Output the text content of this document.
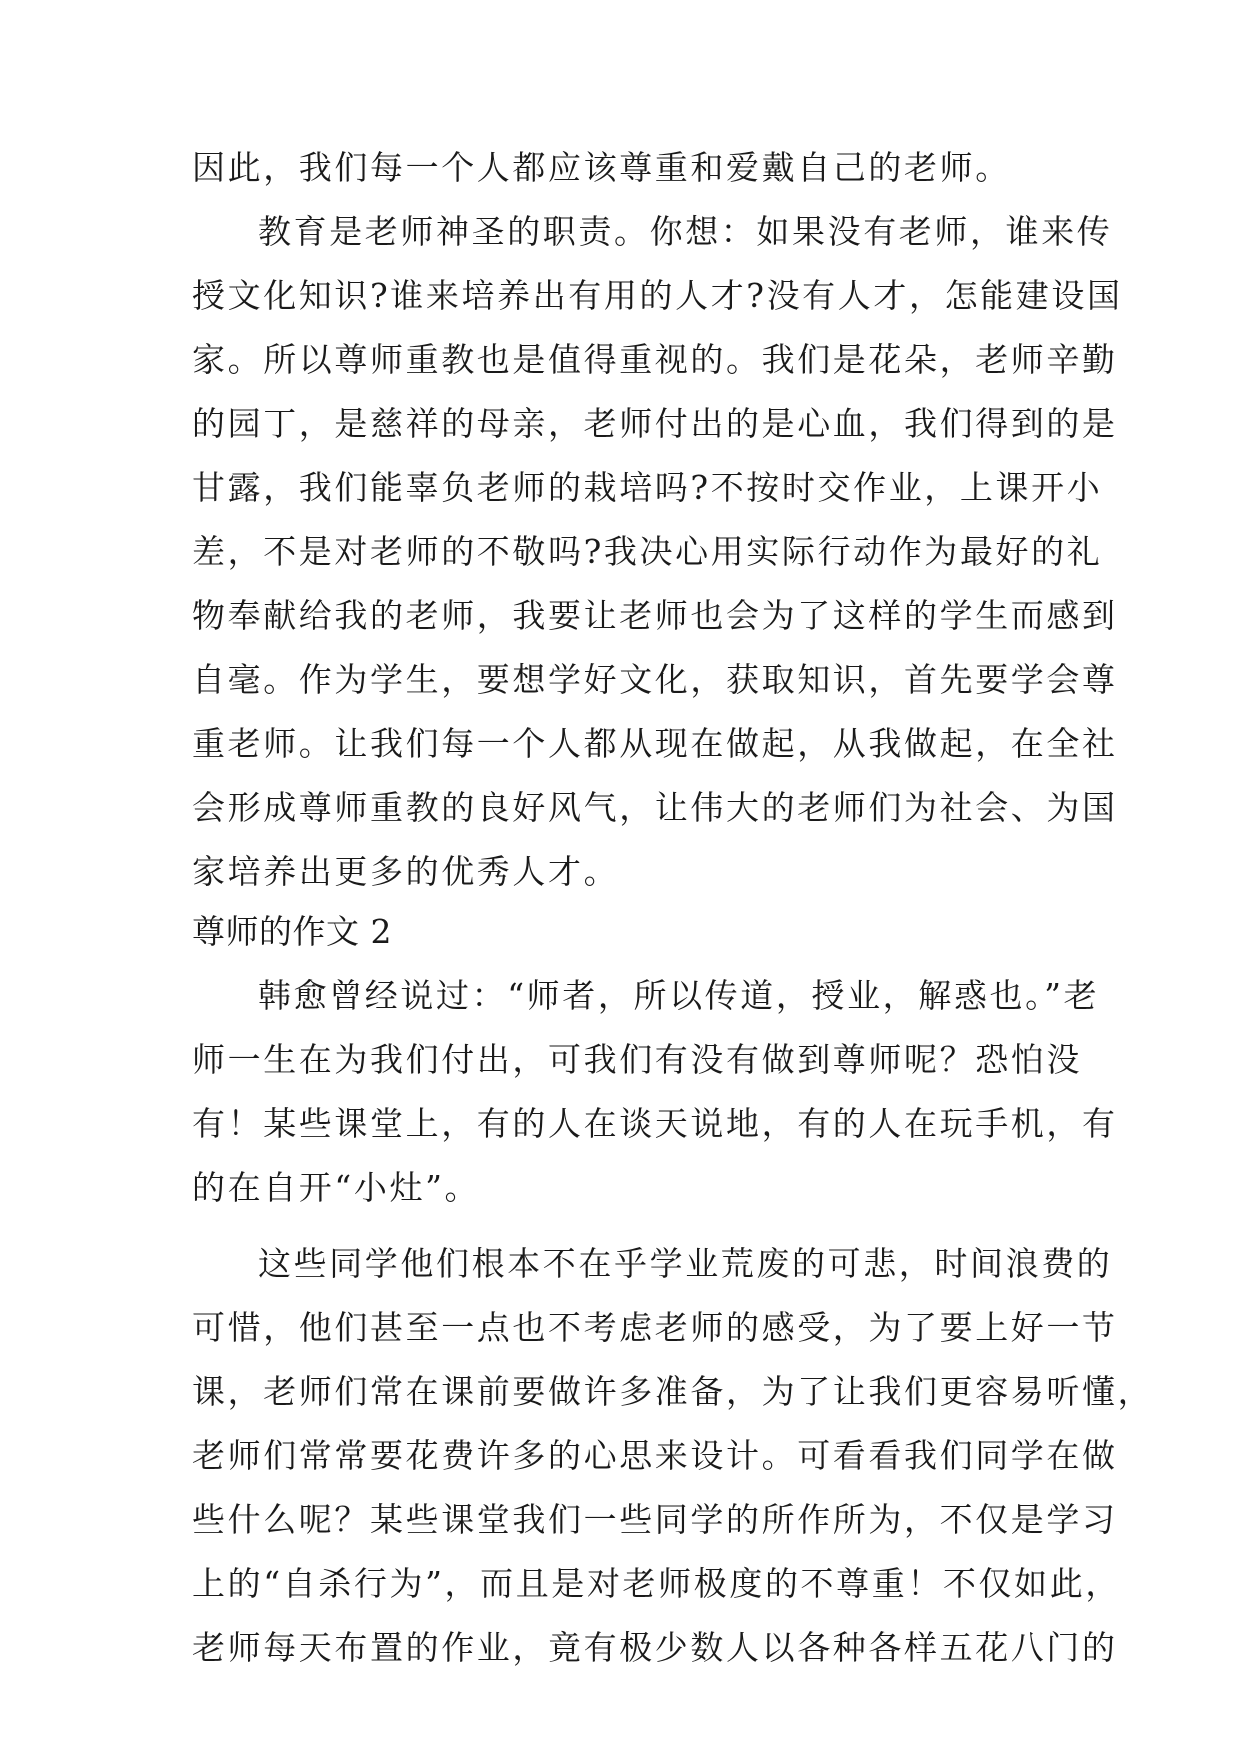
因此，我们每一个人都应该尊重和爱戴自己的老师。
教育是老师神圣的职责。你想：如果没有老师，谁来传
授文化知识?谁来培养出有用的人才?没有人才，怎能建设国
家。所以尊师重教也是值得重视的。我们是花朵，老师辛勤
的园丁，是慈祥的母亲，老师付出的是心血，我们得到的是
甘露，我们能辜负老师的栽培吗?不按时交作业，上课开小
差，不是对老师的不敬吗?我决心用实际行动作为最好的礼
物奉献给我的老师，我要让老师也会为了这样的学生而感到
自毫。作为学生，要想学好文化，获取知识，首先要学会尊
重老师。让我们每一个人都从现在做起，从我做起，在全社
会形成尊师重教的良好风气，让伟大的老师们为社会、为国
家培养出更多的优秀人才。
尊师的作文 2
韩愈曾经说过：“师者，所以传道，授业，解惑也。”老
师一生在为我们付出，可我们有没有做到尊师呢？恐怕没
有！某些课堂上，有的人在谈天说地，有的人在玩手机，有
的在自开“小灶”。
这些同学他们根本不在乎学业荒废的可悲，时间浪费的
可惜，他们甚至一点也不考虑老师的感受，为了要上好一节
课，老师们常在课前要做许多准备，为了让我们更容易听懂，
老师们常常要花费许多的心思来设计。可看看我们同学在做
些什么呢？某些课堂我们一些同学的所作所为，不仅是学习
上的“自杀行为”，而且是对老师极度的不尊重！不仅如此，
老师每天布置的作业，竟有极少数人以各种各样五花八门的
